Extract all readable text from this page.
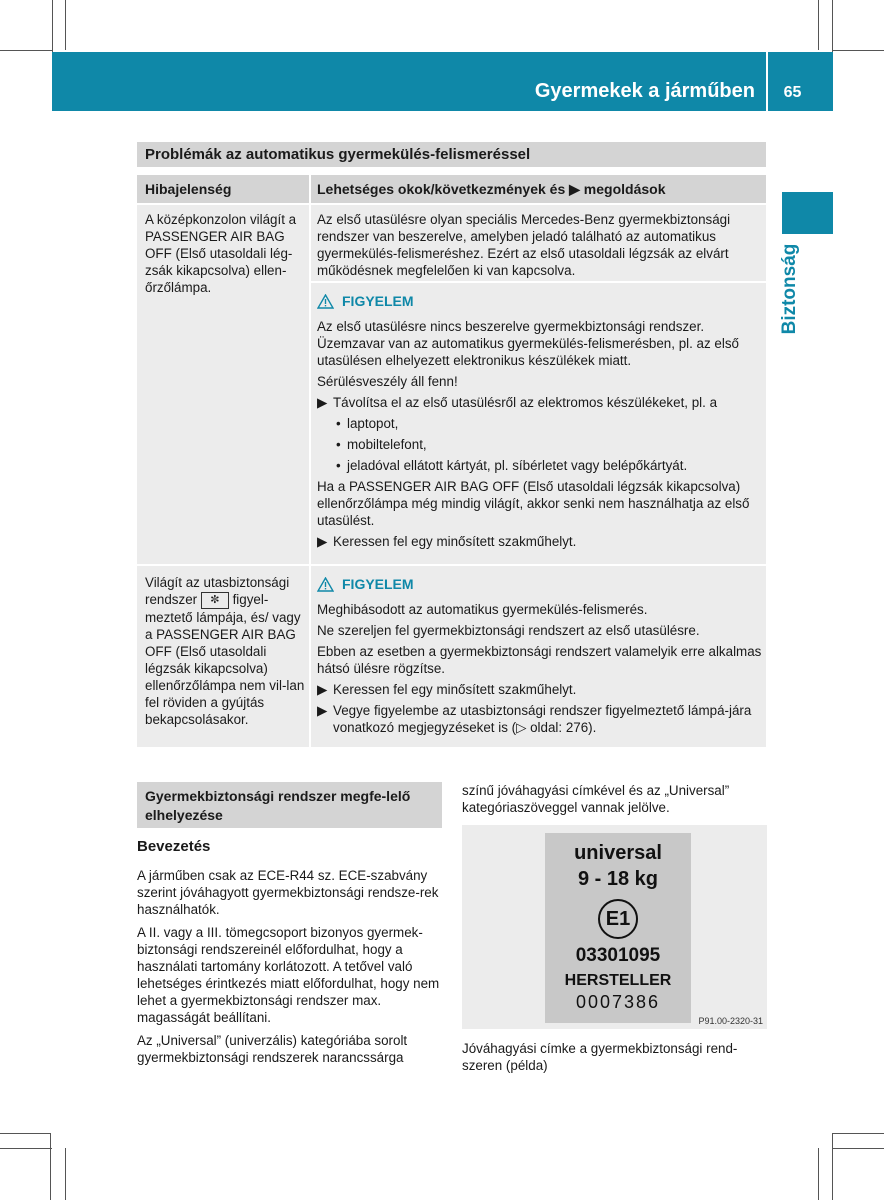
Gyermekek a járműben	65
Biztonság
Problémák az automatikus gyermekülés-felismeréssel
Hibajelenség	Lehetséges okok/következmények és ▶ megoldások
A középkonzolon világít a PASSENGER AIR BAG OFF (Első utasoldali lég-zsák kikapcsolva) ellen-őrzőlámpa.
Az első utasülésre olyan speciális Mercedes-Benz gyermekbiztonsági rendszer van beszerelve, amelyben jeladó található az automatikus gyermekülés-felismeréshez. Ezért az első utasoldali légzsák az elvárt működésnek megfelelően ki van kapcsolva.
FIGYELEM

Az első utasülésre nincs beszerelve gyermekbiztonsági rendszer. Üzemzavar van az automatikus gyermekülés-felismerésben, pl. az első utasülésen elhelyezett elektronikus készülékek miatt.

Sérülésveszély áll fenn!

▶ Távolítsa el az első utasülésről az elektromos készülékeket, pl. a

• laptopot,

• mobiltelefont,

• jeladóval ellátott kártyát, pl. síbérletet vagy belépőkártyát.

Ha a PASSENGER AIR BAG OFF (Első utasoldali légzsák kikapcsolva) ellenőrzőlámpa még mindig világít, akkor senki nem használhatja az első utasülést.

▶ Keressen fel egy minősített szakműhelyt.

Világít az utasbiztonsági rendszer ✼ figyel- meztető lámpája, és/ vagy a PASSENGER AIR BAG OFF (Első utasoldali légzsák kikapcsolva) ellenőrzőlámpa nem vil-lan fel röviden a gyújtás bekapcsolásakor.
FIGYELEM

Meghibásodott az automatikus gyermekülés-felismerés.

Ne szereljen fel gyermekbiztonsági rendszert az első utasülésre.

Ebben az esetben a gyermekbiztonsági rendszert valamelyik erre alkalmas hátsó ülésre rögzítse.

▶ Keressen fel egy minősített szakműhelyt.

▶ Vegye figyelembe az utasbiztonsági rendszer figyelmeztető lámpá-jára vonatkozó megjegyzéseket is (▷ oldal: 276).

Gyermekbiztonsági rendszer megfe-lelő elhelyezése
Bevezetés

A járműben csak az ECE-R44 sz. ECE-szabvány szerint jóváhagyott gyermekbiztonsági rendsze-rek használhatók.

A II. vagy a III. tömegcsoport bizonyos gyermek-biztonsági rendszereinél előfordulhat, hogy a használati tartomány korlátozott. A tetővel való lehetséges érintkezés miatt előfordulhat, hogy nem lehet a gyermekbiztonsági rendszer max. magasságát beállítani.

Az „Universal” (univerzális) kategóriába sorolt gyermekbiztonsági rendszerek narancssárga

színű jóváhagyási címkével és az „Universal” kategóriaszöveggel vannak jelölve.
universal
9 - 18 kg
E1
03301095
HERSTELLER
0007386
P91.00-2320-31
Jóváhagyási címke a gyermekbiztonsági rend-szeren (példa)
